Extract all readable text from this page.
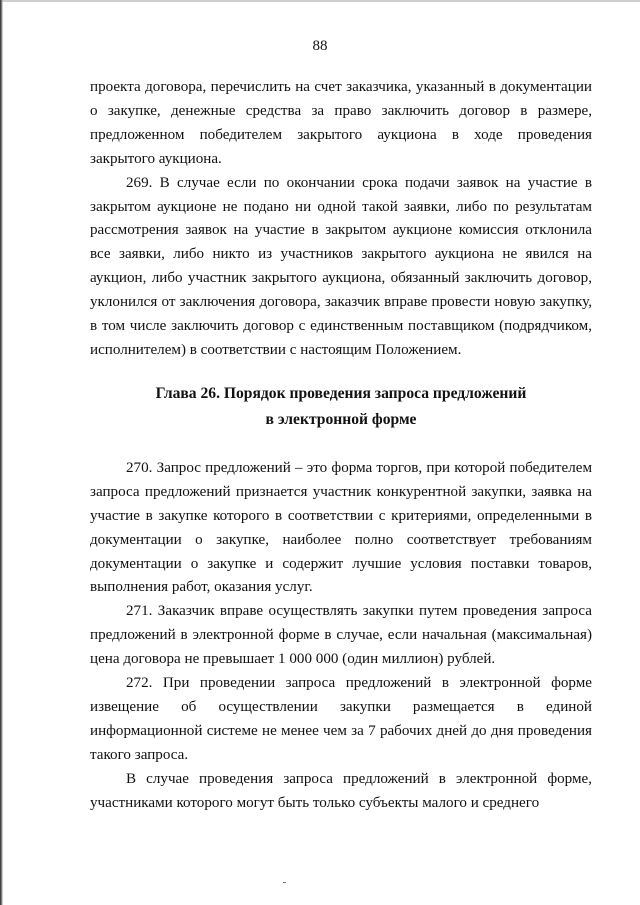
88

проекта договора, перечислить на счет заказчика, указанный в документации о закупке, денежные средства за право заключить договор в размере, предложенном победителем закрытого аукциона в ходе проведения закрытого аукциона.

269. В случае если по окончании срока подачи заявок на участие в закрытом аукционе не подано ни одной такой заявки, либо по результатам рассмотрения заявок на участие в закрытом аукционе комиссия отклонила все заявки, либо никто из участников закрытого аукциона не явился на аукцион, либо участник закрытого аукциона, обязанный заключить договор, уклонился от заключения договора, заказчик вправе провести новую закупку, в том числе заключить договор с единственным поставщиком (подрядчиком, исполнителем) в соответствии с настоящим Положением.

Глава 26. Порядок проведения запроса предложений
в электронной форме

270. Запрос предложений – это форма торгов, при которой победителем запроса предложений признается участник конкурентной закупки, заявка на участие в закупке которого в соответствии с критериями, определенными в документации о закупке, наиболее полно соответствует требованиям документации о закупке и содержит лучшие условия поставки товаров, выполнения работ, оказания услуг.

271. Заказчик вправе осуществлять закупки путем проведения запроса предложений в электронной форме в случае, если начальная (максимальная) цена договора не превышает 1 000 000 (один миллион) рублей.

272. При проведении запроса предложений в электронной форме извещение об осуществлении закупки размещается в единой информационной системе не менее чем за 7 рабочих дней до дня проведения такого запроса.

В случае проведения запроса предложений в электронной форме, участниками которого могут быть только субъекты малого и среднего
